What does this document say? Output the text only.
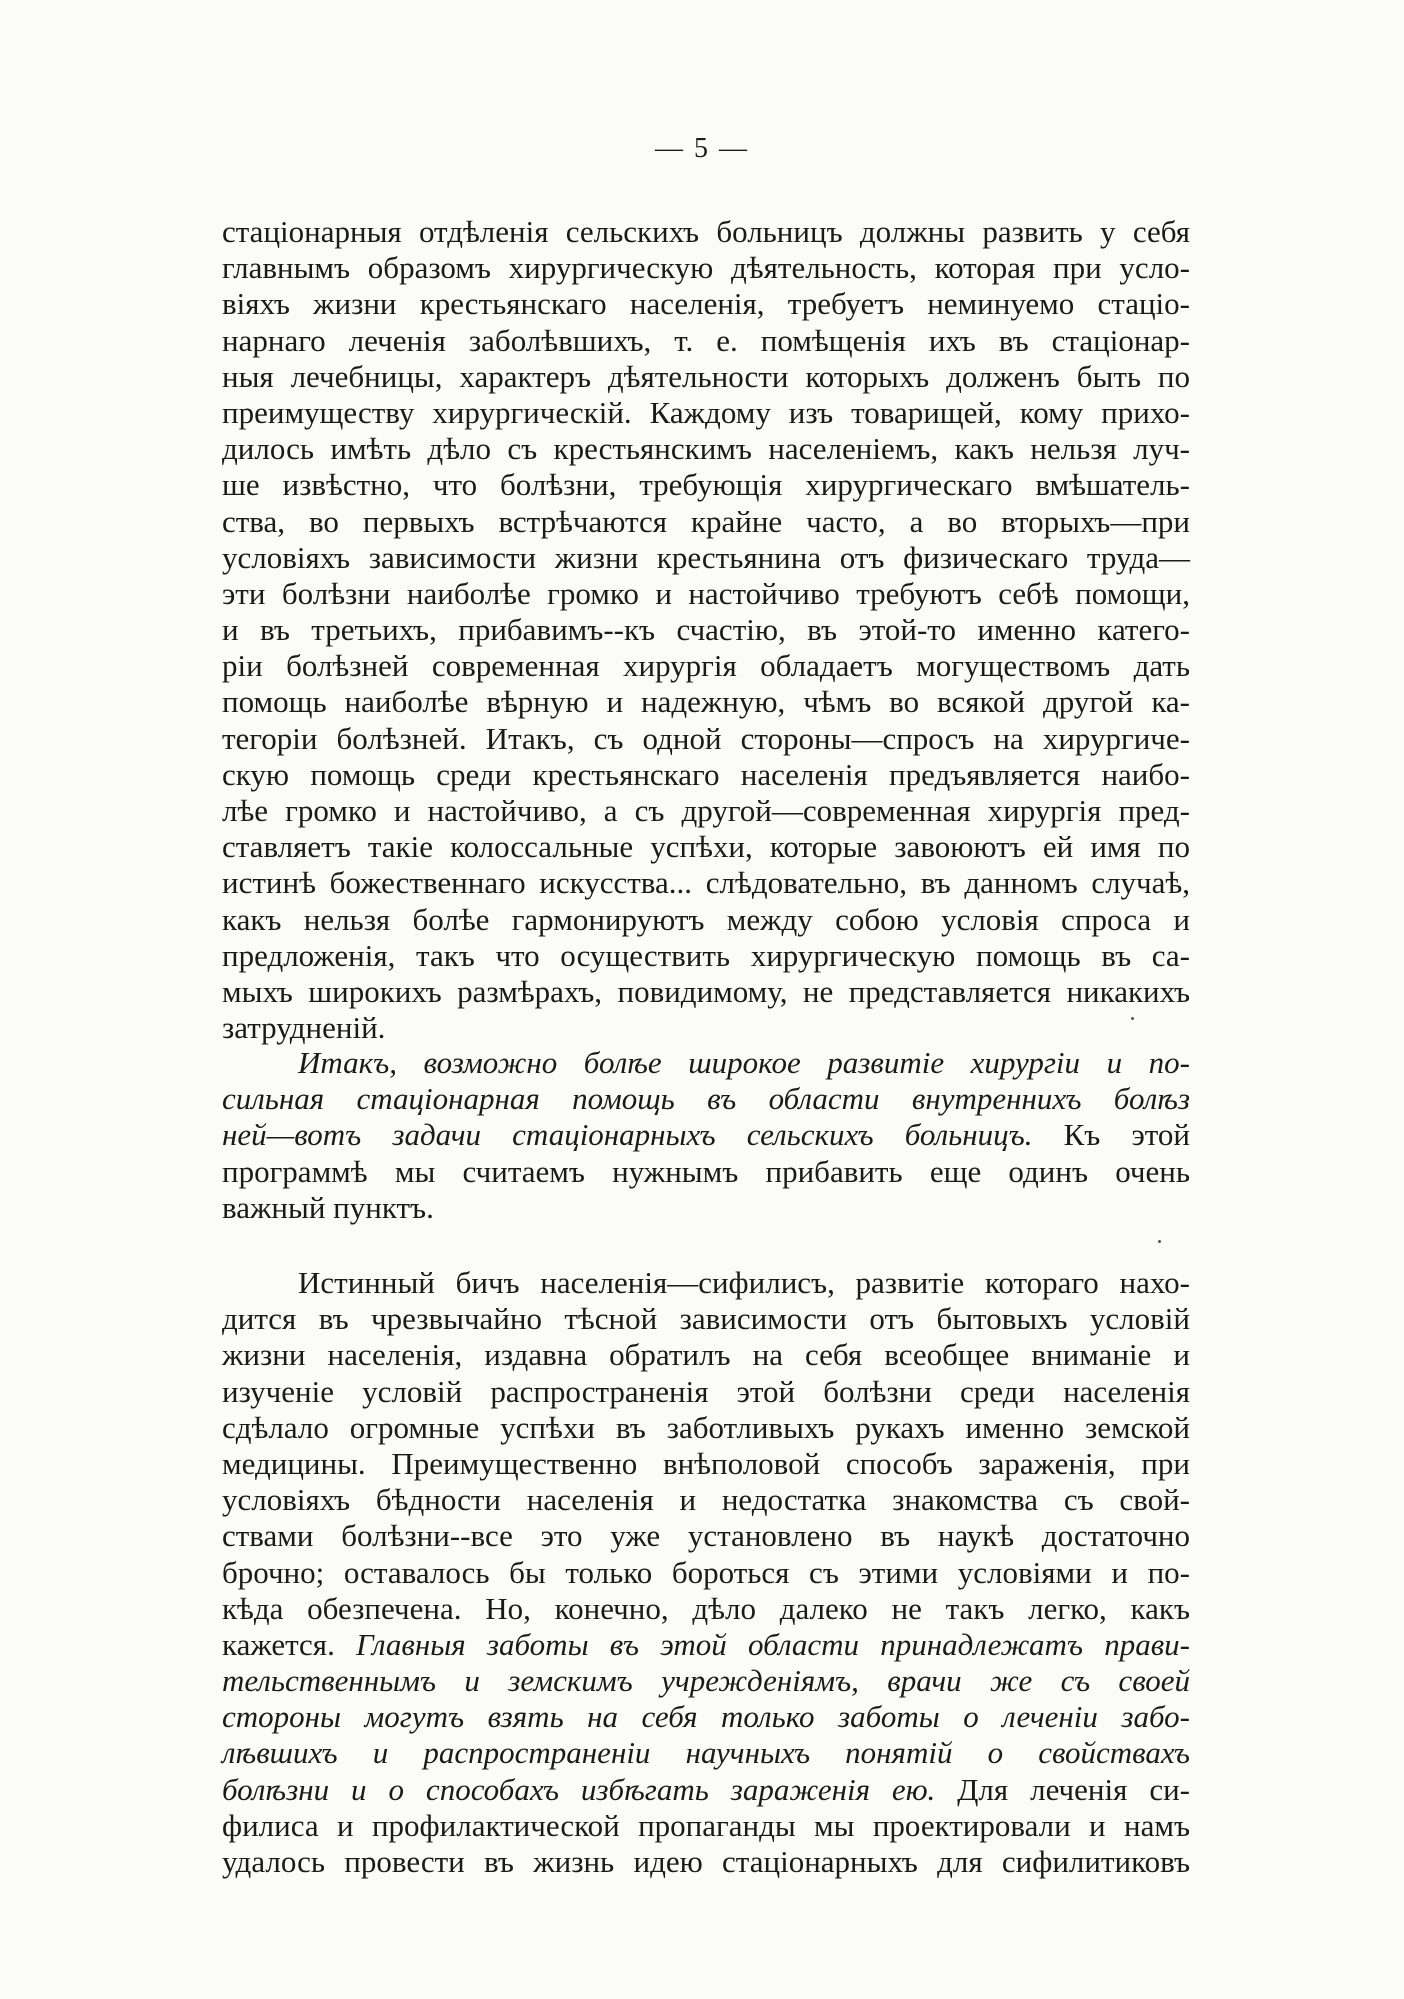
— 5 —
стаціонарныя отдѣленія сельскихъ больницъ должны развить у себя
главнымъ образомъ хирургическую дѣятельность, которая при усло-
віяхъ жизни крестьянскаго населенія, требуетъ неминуемо стаціо-
нарнаго леченія заболѣвшихъ, т. е. помѣщенія ихъ въ стаціонар-
ныя лечебницы, характеръ дѣятельности которыхъ долженъ быть по
преимуществу хирургическій. Каждому изъ товарищей, кому прихо-
дилось имѣть дѣло съ крестьянскимъ населеніемъ, какъ нельзя луч-
ше извѣстно, что болѣзни, требующія хирургическаго вмѣшатель-
ства, во первыхъ встрѣчаются крайне часто, а во вторыхъ—при
условіяхъ зависимости жизни крестьянина отъ физическаго труда—
эти болѣзни наиболѣе громко и настойчиво требуютъ себѣ помощи,
и въ третьихъ, прибавимъ--къ счастію, въ этой-то именно катего-
ріи болѣзней современная хирургія обладаетъ могуществомъ дать
помощь наиболѣе вѣрную и надежную, чѣмъ во всякой другой ка-
тегоріи болѣзней. Итакъ, съ одной стороны—спросъ на хирургиче-
скую помощь среди крестьянскаго населенія предъявляется наибо-
лѣе громко и настойчиво, а съ другой—современная хирургія пред-
ставляетъ такіе колоссальные успѣхи, которые завоюютъ ей имя по
истинѣ божественнаго искусства... слѣдовательно, въ данномъ случаѣ,
какъ нельзя болѣе гармонируютъ между собою условія спроса и
предложенія, такъ что осуществить хирургическую помощь въ са-
мыхъ широкихъ размѣрахъ, повидимому, не представляется никакихъ
затрудненій.
Итакъ, возможно болѣе широкое развитіе хирургіи и по-
сильная стаціонарная помощь въ области внутреннихъ болѣз
ней—вотъ задачи стаціонарныхъ сельскихъ больницъ. Къ этой
программѣ мы считаемъ нужнымъ прибавить еще одинъ очень
важный пунктъ.
Истинный бичъ населенія—сифилисъ, развитіе котораго нахо-
дится въ чрезвычайно тѣсной зависимости отъ бытовыхъ условій
жизни населенія, издавна обратилъ на себя всеобщее вниманіе и
изученіе условій распространенія этой болѣзни среди населенія
сдѣлало огромные успѣхи въ заботливыхъ рукахъ именно земской
медицины. Преимущественно внѣполовой способъ зараженія, при
условіяхъ бѣдности населенія и недостатка знакомства съ свой-
ствами болѣзни--все это уже установлено въ наукѣ достаточно
брочно; оставалось бы только бороться съ этими условіями и по-
кѣда обезпечена. Но, конечно, дѣло далеко не такъ легко, какъ
кажется. Главныя заботы въ этой области принадлежатъ прави-
тельственнымъ и земскимъ учрежденіямъ, врачи же съ своей
стороны могутъ взять на себя только заботы о леченіи забо-
лѣвшихъ и распространеніи научныхъ понятій о свойствахъ
болѣзни и о способахъ избѣгать зараженія ею. Для леченія си-
филиса и профилактической пропаганды мы проектировали и намъ
удалось провести въ жизнь идею стаціонарныхъ для сифилитиковъ
